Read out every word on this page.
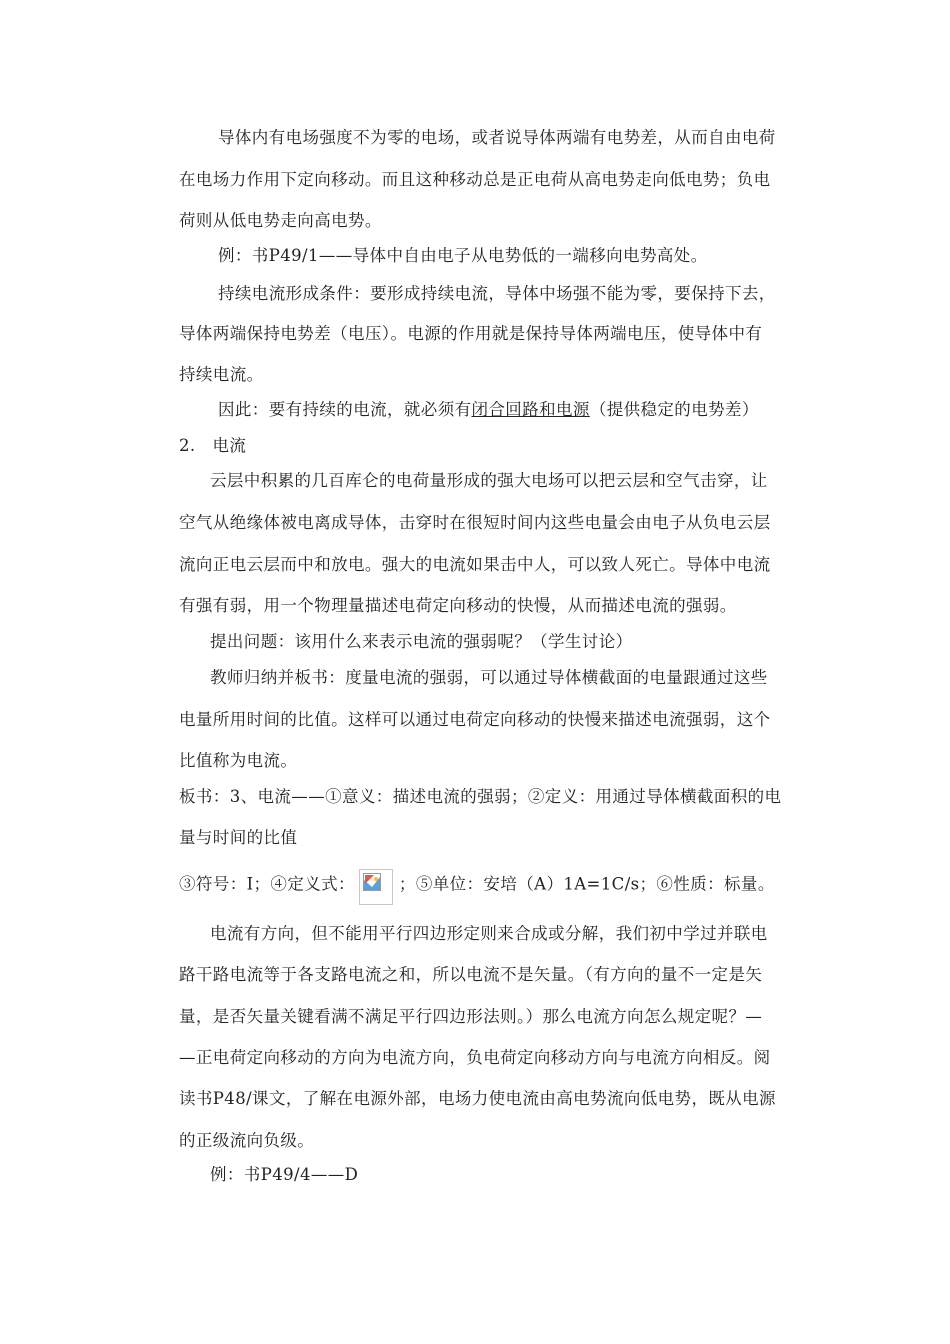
导体内有电场强度不为零的电场，或者说导体两端有电势差，从而自由电荷
在电场力作用下定向移动。而且这种移动总是正电荷从高电势走向低电势；负电
荷则从低电势走向高电势。
例：书P49/1——导体中自由电子从电势低的一端移向电势高处。
持续电流形成条件：要形成持续电流，导体中场强不能为零，要保持下去，
导体两端保持电势差（电压）。电源的作用就是保持导体两端电压，使导体中有
持续电流。
因此：要有持续的电流，就必须有闭合回路和电源（提供稳定的电势差）
2.　电流
云层中积累的几百库仑的电荷量形成的强大电场可以把云层和空气击穿，让
空气从绝缘体被电离成导体，击穿时在很短时间内这些电量会由电子从负电云层
流向正电云层而中和放电。强大的电流如果击中人，可以致人死亡。导体中电流
有强有弱，用一个物理量描述电荷定向移动的快慢，从而描述电流的强弱。
提出问题：该用什么来表示电流的强弱呢？（学生讨论）
教师归纳并板书：度量电流的强弱，可以通过导体横截面的电量跟通过这些
电量所用时间的比值。这样可以通过电荷定向移动的快慢来描述电流强弱，这个
比值称为电流。
板书：3、电流——①意义：描述电流的强弱；②定义：用通过导体横截面积的电
量与时间的比值
③符号：I；④定义式：	；⑤单位：安培（A）1A=1C/s；⑥性质：标量。
电流有方向，但不能用平行四边形定则来合成或分解，我们初中学过并联电
路干路电流等于各支路电流之和，所以电流不是矢量。（有方向的量不一定是矢
量，是否矢量关键看满不满足平行四边形法则。）那么电流方向怎么规定呢？—
—正电荷定向移动的方向为电流方向，负电荷定向移动方向与电流方向相反。阅
读书P48/课文，了解在电源外部，电场力使电流由高电势流向低电势，既从电源
的正级流向负级。
例：书P49/4——D
